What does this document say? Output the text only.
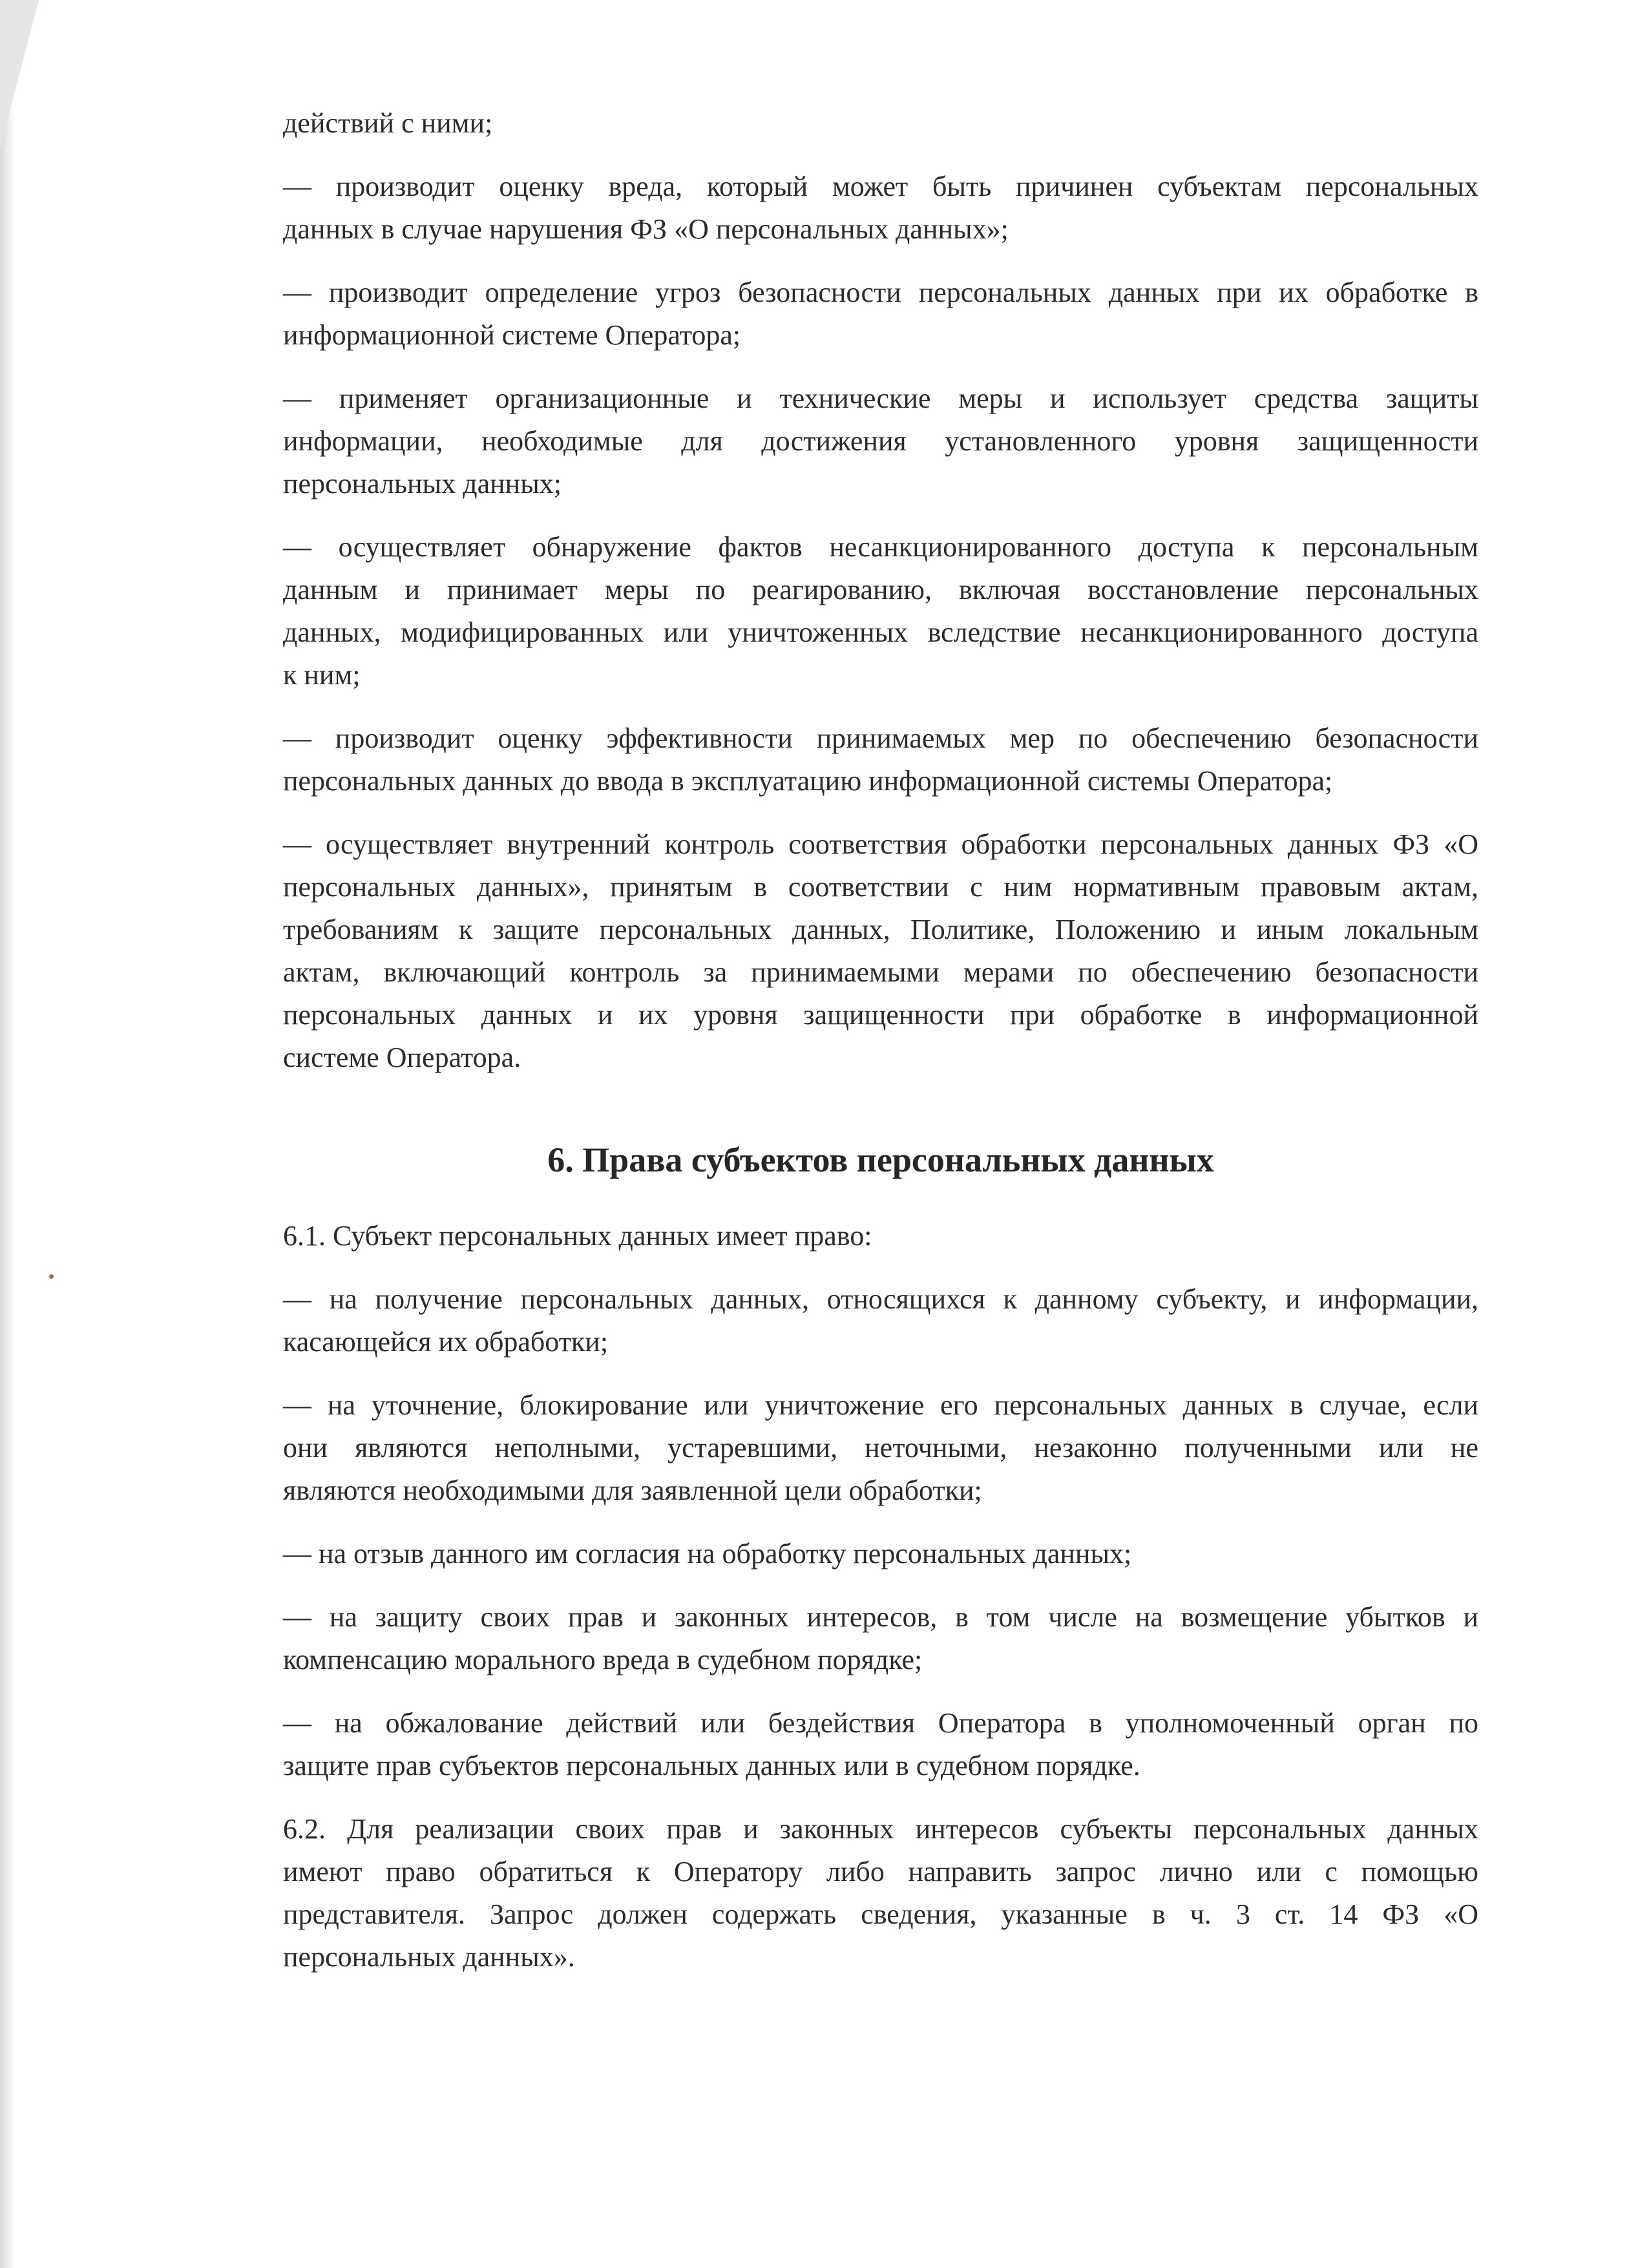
действий с ними;

— производит оценку вреда, который может быть причинен субъектам персональных
данных в случае нарушения ФЗ «О персональных данных»;

— производит определение угроз безопасности персональных данных при их обработке в
информационной системе Оператора;

— применяет организационные и технические меры и использует средства защиты
информации, необходимые для достижения установленного уровня защищенности
персональных данных;

— осуществляет обнаружение фактов несанкционированного доступа к персональным
данным и принимает меры по реагированию, включая восстановление персональных
данных, модифицированных или уничтоженных вследствие несанкционированного доступа
к ним;

— производит оценку эффективности принимаемых мер по обеспечению безопасности
персональных данных до ввода в эксплуатацию информационной системы Оператора;

— осуществляет внутренний контроль соответствия обработки персональных данных ФЗ «О
персональных данных», принятым в соответствии с ним нормативным правовым актам,
требованиям к защите персональных данных, Политике, Положению и иным локальным
актам, включающий контроль за принимаемыми мерами по обеспечению безопасности
персональных данных и их уровня защищенности при обработке в информационной
системе Оператора.

6. Права субъектов персональных данных

6.1. Субъект персональных данных имеет право:

— на получение персональных данных, относящихся к данному субъекту, и информации,
касающейся их обработки;

— на уточнение, блокирование или уничтожение его персональных данных в случае, если
они являются неполными, устаревшими, неточными, незаконно полученными или не
являются необходимыми для заявленной цели обработки;

— на отзыв данного им согласия на обработку персональных данных;

— на защиту своих прав и законных интересов, в том числе на возмещение убытков и
компенсацию морального вреда в судебном порядке;

— на обжалование действий или бездействия Оператора в уполномоченный орган по
защите прав субъектов персональных данных или в судебном порядке.

6.2. Для реализации своих прав и законных интересов субъекты персональных данных
имеют право обратиться к Оператору либо направить запрос лично или с помощью
представителя. Запрос должен содержать сведения, указанные в ч. 3 ст. 14 ФЗ «О
персональных данных».
